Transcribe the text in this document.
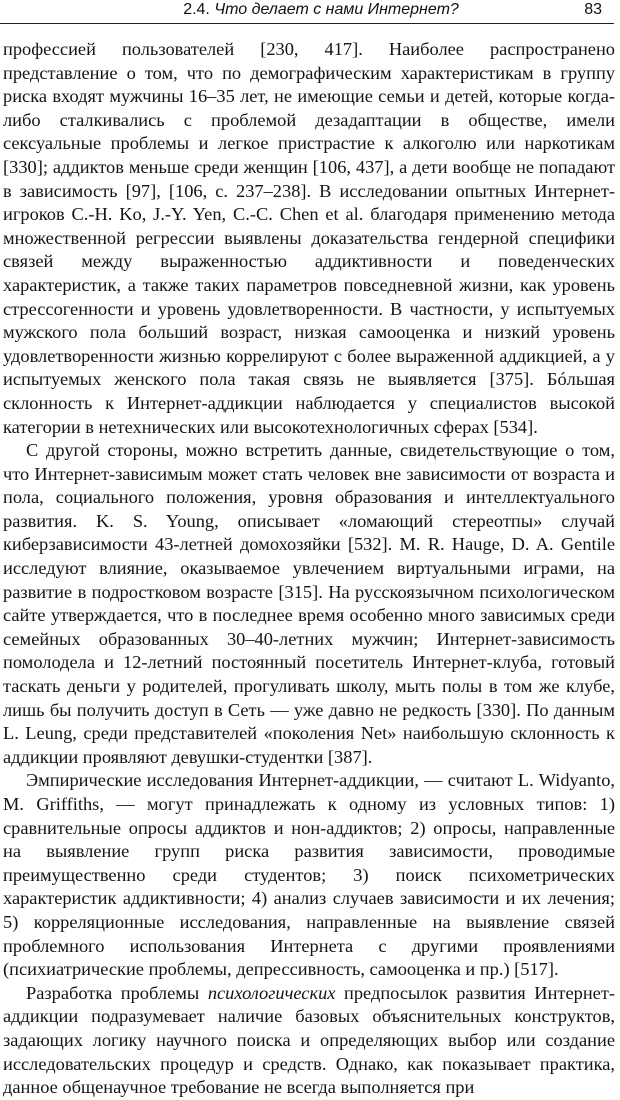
2.4. Что делает с нами Интернет?	83

профессией пользователей [230, 417]. Наиболее распространено представление о том, что по демографическим характеристикам в группу риска входят мужчины 16–35 лет, не имеющие семьи и детей, которые когда-либо сталкивались с проблемой дезадаптации в обществе, имели сексуальные проблемы и легкое пристрастие к алкоголю или наркотикам [330]; аддиктов меньше среди женщин [106, 437], а дети вообще не попадают в зависимость [97], [106, с. 237–238]. В исследовании опытных Интернет-игроков C.-H. Ko, J.-Y. Yen, C.-C. Chen et al. благодаря применению метода множественной регрессии выявлены доказательства гендерной специфики связей между выраженностью аддиктивности и поведенческих характеристик, а также таких параметров повседневной жизни, как уровень стрессогенности и уровень удовлетворенности. В частности, у испытуемых мужского пола больший возраст, низкая самооценка и низкий уровень удовлетворенности жизнью коррелируют с более выраженной аддикцией, а у испытуемых женского пола такая связь не выявляется [375]. Бóльшая склонность к Интернет-аддикции наблюдается у специалистов высокой категории в нетехнических или высокотехнологичных сферах [534].

С другой стороны, можно встретить данные, свидетельствующие о том, что Интернет-зависимым может стать человек вне зависимости от возраста и пола, социального положения, уровня образования и интеллектуального развития. K. S. Young, описывает «ломающий стереотпы» случай киберзависимости 43-летней домохозяйки [532]. M. R. Hauge, D. A. Gentile исследуют влияние, оказываемое увлечением виртуальными играми, на развитие в подростковом возрасте [315]. На русскоязычном психологическом сайте утверждается, что в последнее время особенно много зависимых среди семейных образованных 30–40-летних мужчин; Интернет-зависимость помолодела и 12-летний постоянный посетитель Интернет-клуба, готовый таскать деньги у родителей, прогуливать школу, мыть полы в том же клубе, лишь бы получить доступ в Сеть — уже давно не редкость [330]. По данным L. Leung, среди представителей «поколения Net» наибольшую склонность к аддикции проявляют девушки-студентки [387].

Эмпирические исследования Интернет-аддикции, — считают L. Widyanto, M. Griffiths, — могут принадлежать к одному из условных типов: 1) сравнительные опросы аддиктов и нон-аддиктов; 2) опросы, направленные на выявление групп риска развития зависимости, проводимые преимущественно среди студентов; 3) поиск психометрических характеристик аддиктивности; 4) анализ случаев зависимости и их лечения; 5) корреляционные исследования, направленные на выявление связей проблемного использования Интернета с другими проявлениями (психиатрические проблемы, депрессивность, самооценка и пр.) [517].

Разработка проблемы психологических предпосылок развития Интернет-аддикции подразумевает наличие базовых объяснительных конструктов, задающих логику научного поиска и определяющих выбор или создание исследовательских процедур и средств. Однако, как показывает практика, данное общенаучное требование не всегда выполняется при
